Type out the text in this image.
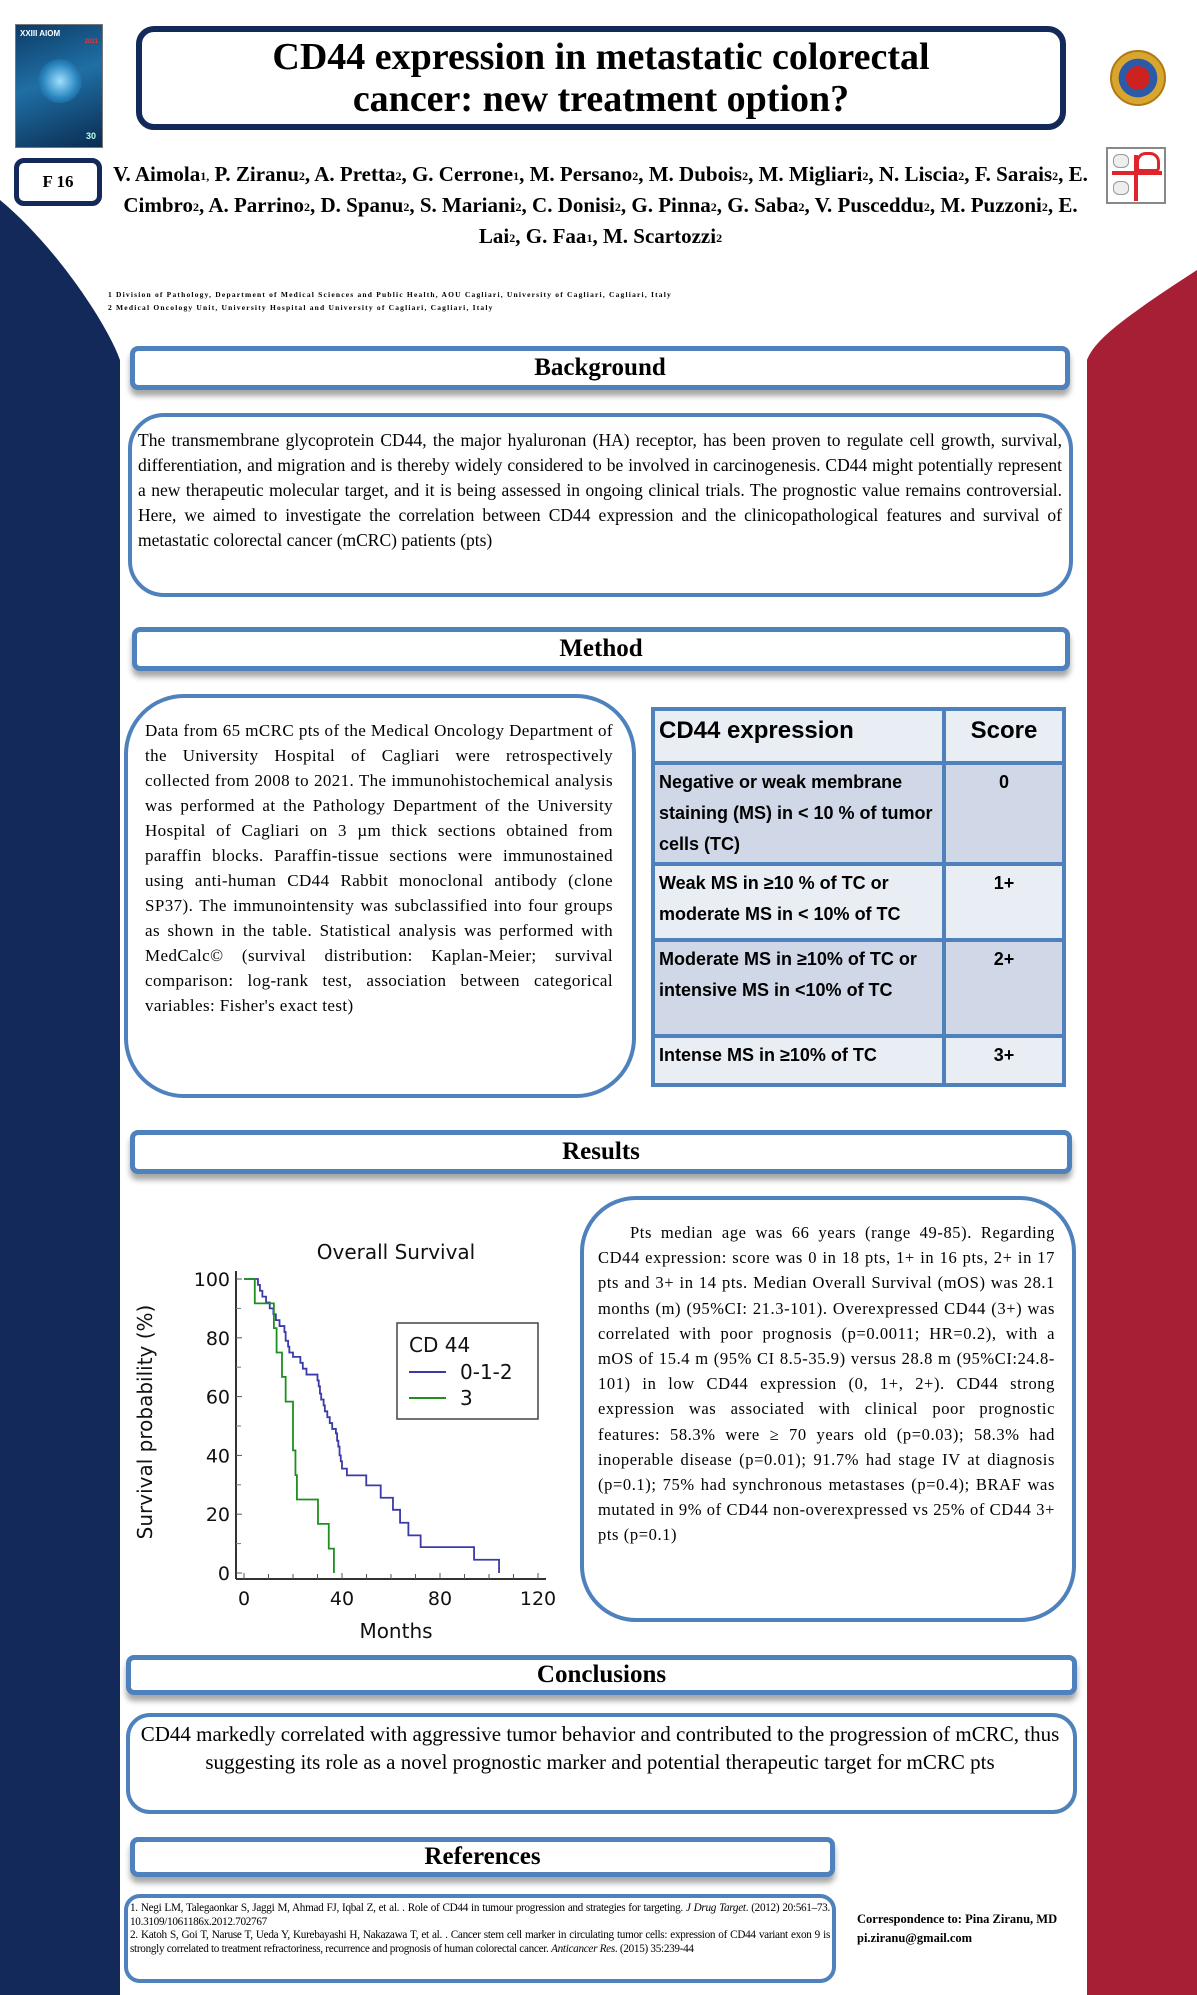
XXIII AIOM
2021
30
CD44 expression in metastatic colorectal
cancer: new treatment option?
F 16 V. Aimola$^{1,}$ P. Ziranu$^2$, A. Pretta$^2$, G. Cerrone$^1$, M. Persano$^2$, M. Dubois$^2$, M. Migliari$^2$, N. Liscia$^2$, F. Sarais$^2$, E. Cimbro$^2$, A. Parrino$^2$, D. Spanu$^2$, S. Mariani$^2$, C. Donisi$^2$, G. Pinna$^2$, G. Saba$^2$, V. Pusceddu$^2$, M. Puzzoni$^2$, E. Lai$^2$, G. Faa$^1$, M. Scartozzi$^2$
1 Division of Pathology, Department of Medical Sciences and Public Health, AOU Cagliari, University of Cagliari, Cagliari, Italy
2 Medical Oncology Unit, University Hospital and University of Cagliari, Cagliari, Italy
Background
The transmembrane glycoprotein CD44, the major hyaluronan (HA) receptor, has been proven to regulate cell growth, survival, differentiation, and migration and is thereby widely considered to be involved in carcinogenesis. CD44 might potentially represent a new therapeutic molecular target, and it is being assessed in ongoing clinical trials. The prognostic value remains controversial. Here, we aimed to investigate the correlation between CD44 expression and the clinicopathological features and survival of metastatic colorectal cancer (mCRC) patients (pts)
Method
Data from 65 mCRC pts of the Medical Oncology Department of the University Hospital of Cagliari were retrospectively collected from 2008 to 2021. The immunohistochemical analysis was performed at the Pathology Department of the University Hospital of Cagliari on 3 µm thick sections obtained from paraffin blocks. Paraffin-tissue sections were immunostained using anti-human CD44 Rabbit monoclonal antibody (clone SP37). The immunointensity was subclassified into four groups as shown in the table. Statistical analysis was performed with MedCalc© (survival distribution: Kaplan-Meier; survival comparison: log-rank test, association between categorical variables: Fisher's exact test)
CD44 expression	Score
Negative or weak membrane staining (MS) in < 10 % of tumor cells (TC)	0
Weak MS in ≥10 % of TC or moderate MS in < 10% of TC	1+
Moderate MS in ≥10% of TC or intensive MS in <10% of TC	2+
Intense MS in ≥10% of TC	3+
Results
Overall Survival
Months
Survival probability (%)
0
20
40
60
80
100
0	40	80	120
CD 44
0-1-2
3
Pts median age was 66 years (range 49-85). Regarding CD44 expression: score was 0 in 18 pts, 1+ in 16 pts, 2+ in 17 pts and 3+ in 14 pts. Median Overall Survival (mOS) was 28.1 months (m) (95%CI: 21.3-101). Overexpressed CD44 (3+) was correlated with poor prognosis (p=0.0011; HR=0.2), with a mOS of 15.4 m (95% CI 8.5-35.9) versus 28.8 m (95%CI:24.8-101) in low CD44 expression (0, 1+, 2+). CD44 strong expression was associated with clinical poor prognostic features: 58.3% were ≥ 70 years old (p=0.03); 58.3% had inoperable disease (p=0.01); 91.7% had stage IV at diagnosis (p=0.1); 75% had synchronous metastases (p=0.4); BRAF was mutated in 9% of CD44 non-overexpressed vs 25% of CD44 3+ pts (p=0.1)
Conclusions
CD44 markedly correlated with aggressive tumor behavior and contributed to the progression of mCRC, thus suggesting its role as a novel prognostic marker and potential therapeutic target for mCRC pts
References
1. Negi LM, Talegaonkar S, Jaggi M, Ahmad FJ, Iqbal Z, et al. . Role of CD44 in tumour progression and strategies for targeting. J Drug Target. (2012) 20:561–73. 10.3109/1061186x.2012.702767
2. Katoh S, Goi T, Naruse T, Ueda Y, Kurebayashi H, Nakazawa T, et al. . Cancer stem cell marker in circulating tumor cells: expression of CD44 variant exon 9 is strongly correlated to treatment refractoriness, recurrence and prognosis of human colorectal cancer. Anticancer Res. (2015) 35:239-44
Correspondence to: Pina Ziranu, MD
pi.ziranu@gmail.com
